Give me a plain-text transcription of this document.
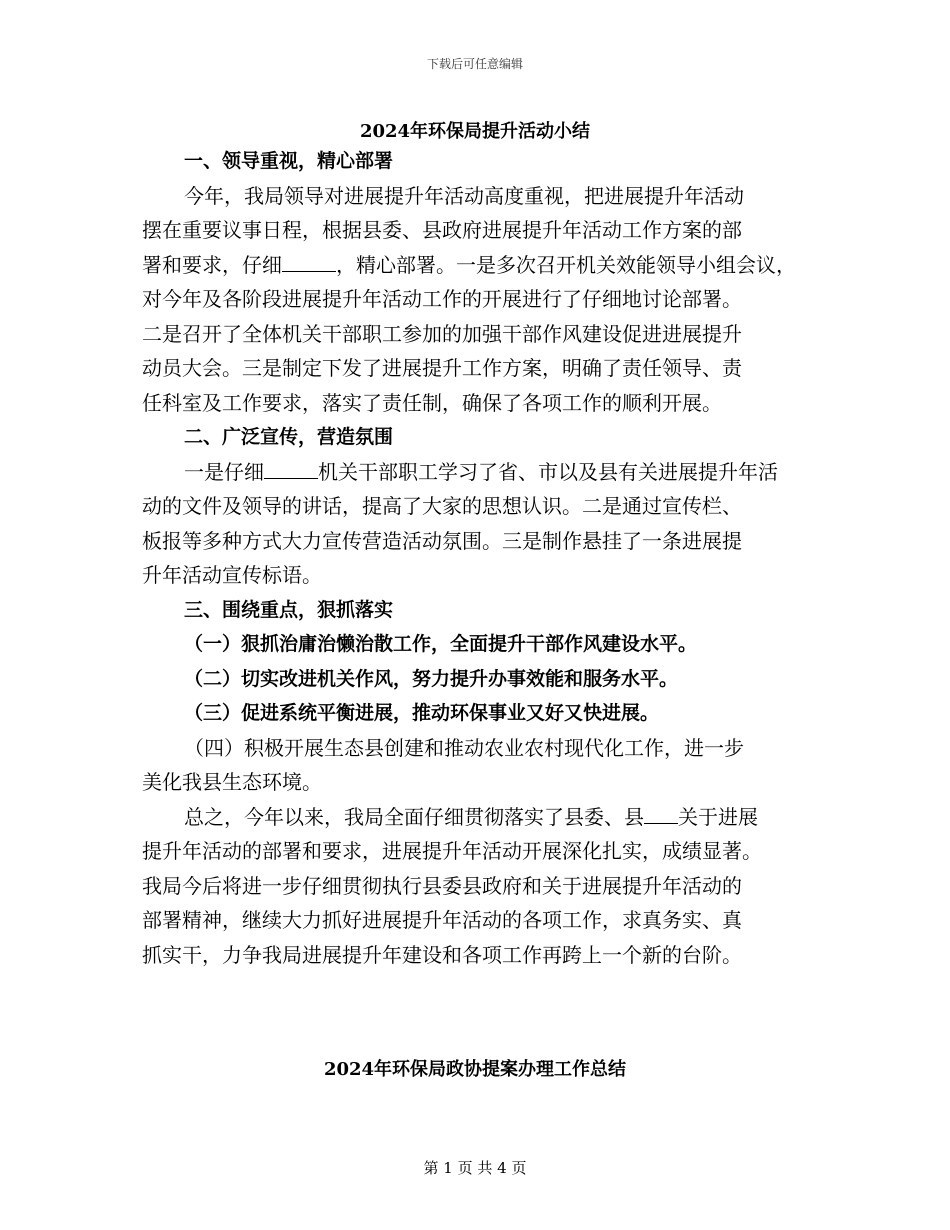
下载后可任意编辑
2024年环保局提升活动小结
一、领导重视，精心部署
今年，我局领导对进展提升年活动高度重视，把进展提升年活动
摆在重要议事日程，根据县委、县政府进展提升年活动工作方案的部
署和要求，仔细	，精心部署。一是多次召开机关效能领导小组会议，
对今年及各阶段进展提升年活动工作的开展进行了仔细地讨论部署。
二是召开了全体机关干部职工参加的加强干部作风建设促进进展提升
动员大会。三是制定下发了进展提升工作方案，明确了责任领导、责
任科室及工作要求，落实了责任制，确保了各项工作的顺利开展。
二、广泛宣传，营造氛围
一是仔细	机关干部职工学习了省、市以及县有关进展提升年活
动的文件及领导的讲话，提高了大家的思想认识。二是通过宣传栏、
板报等多种方式大力宣传营造活动氛围。三是制作悬挂了一条进展提
升年活动宣传标语。
三、围绕重点，狠抓落实
（一）狠抓治庸治懒治散工作，全面提升干部作风建设水平。
（二）切实改进机关作风，努力提升办事效能和服务水平。
（三）促进系统平衡进展，推动环保事业又好又快进展。
（四）积极开展生态县创建和推动农业农村现代化工作，进一步
美化我县生态环境。
总之，今年以来，我局全面仔细贯彻落实了县委、县 关于进展
提升年活动的部署和要求，进展提升年活动开展深化扎实，成绩显著。
我局今后将进一步仔细贯彻执行县委县政府和关于进展提升年活动的
部署精神，继续大力抓好进展提升年活动的各项工作，求真务实、真
抓实干，力争我局进展提升年建设和各项工作再跨上一个新的台阶。
2024年环保局政协提案办理工作总结
第 1 页 共 4 页
